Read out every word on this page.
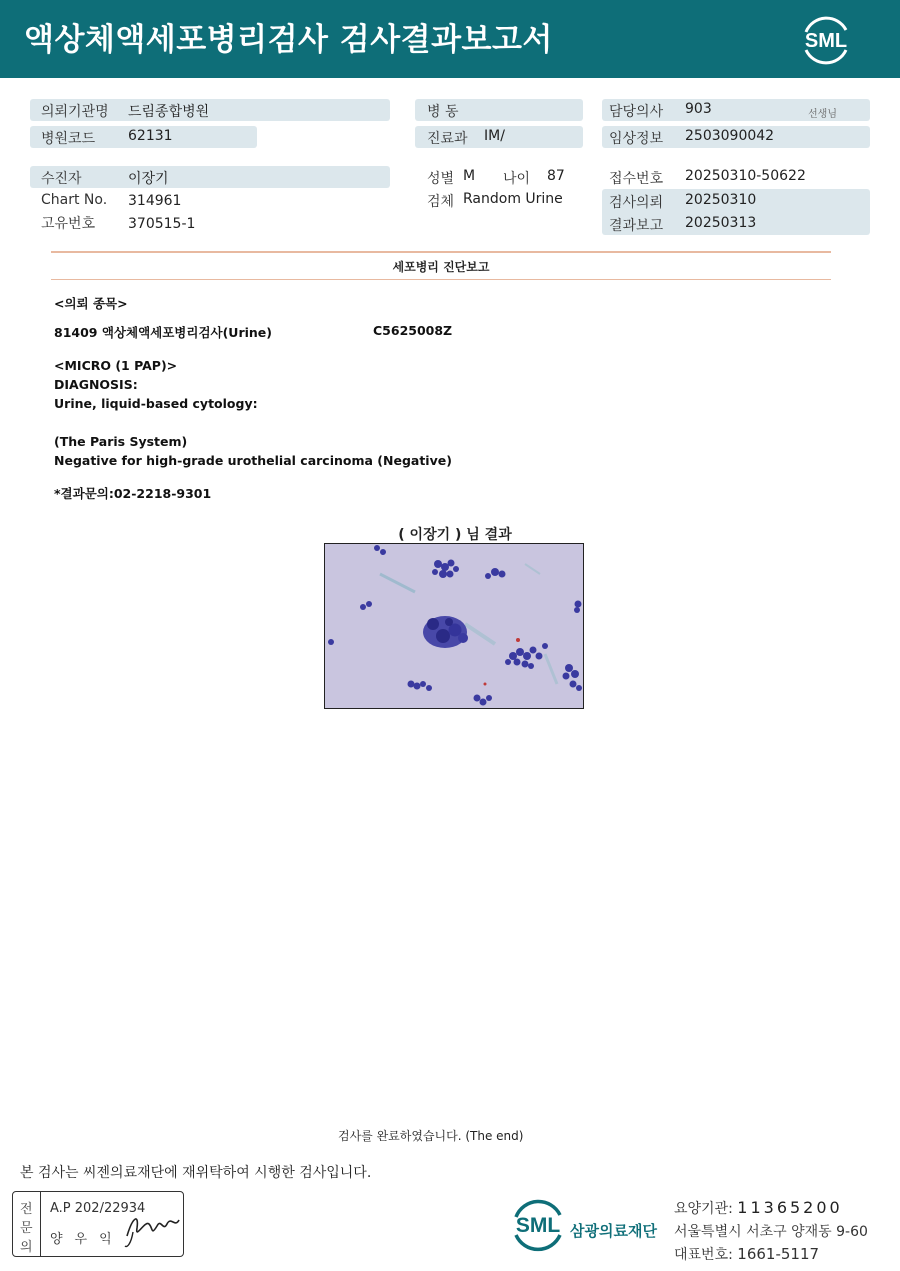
액상체액세포병리검사 검사결과보고서	SML
의뢰기관명 드림종합병원
병원코드 62131
수진자	이장기
Chart No. 314961
고유번호 370515-1
병 동
진료과 IM/
성별 M 나이 87
검체 Random Urine
담당의사 903	선생님
임상정보 2503090042
접수번호 20250310-50622
검사의뢰 20250310
결과보고 20250313
세포병리 진단보고
<의뢰 종목>
81409 액상체액세포병리검사(Urine)	C5625008Z
<MICRO (1 PAP)>
DIAGNOSIS:
Urine, liquid-based cytology:
(The Paris System)
Negative for high-grade urothelial carcinoma (Negative)
*결과문의:02-2218-9301
( 이장기 ) 님 결과
검사를 완료하였습니다. (The end)
본 검사는 씨젠의료재단에 재위탁하여 시행한 검사입니다.
전
문
의
A.P 202/22934
양우익
SML 삼광의료재단
요양기관: 11365200
서울특별시 서초구 양재동 9-60
대표번호: 1661-5117
